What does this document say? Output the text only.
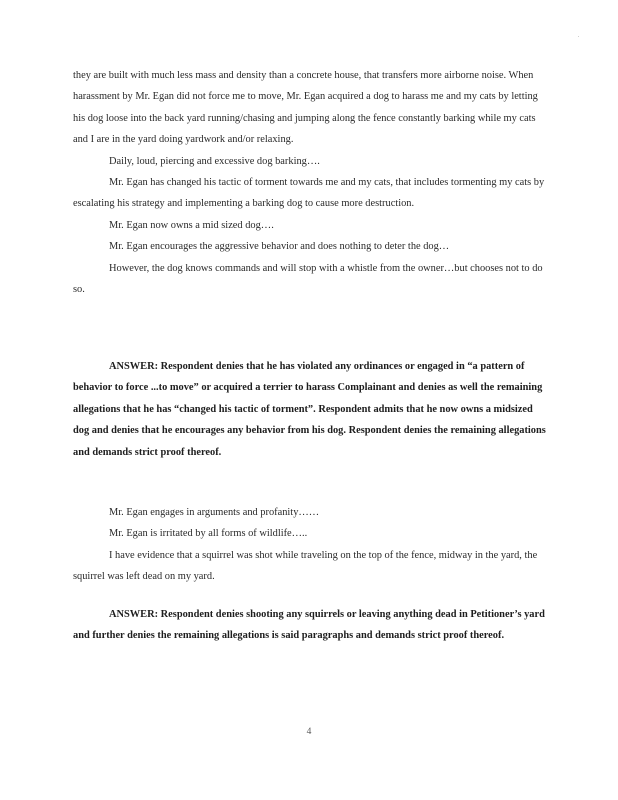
they are built with much less mass and density than a concrete house, that transfers more airborne noise. When harassment by Mr. Egan did not force me to move, Mr. Egan acquired a dog to harass me and my cats by letting his dog loose into the back yard running/chasing and jumping along the fence constantly barking while my cats and I are in the yard doing yardwork and/or relaxing.

Daily, loud, piercing and excessive dog barking….

Mr. Egan has changed his tactic of torment towards me and my cats, that includes tormenting my cats by escalating his strategy and implementing a barking dog to cause more destruction.

Mr. Egan now owns a mid sized dog….

Mr. Egan encourages the aggressive behavior and does nothing to deter the dog…

However, the dog knows commands and will stop with a whistle from the owner…but chooses not to do so.

ANSWER: Respondent denies that he has violated any ordinances or engaged in “a pattern of behavior to force ...to move” or acquired a terrier to harass Complainant and denies as well the remaining allegations that he has “changed his tactic of torment”. Respondent admits that he now owns a midsized dog and denies that he encourages any behavior from his dog. Respondent denies the remaining allegations and demands strict proof thereof.

Mr. Egan engages in arguments and profanity……

Mr. Egan is irritated by all forms of wildlife…..

I have evidence that a squirrel was shot while traveling on the top of the fence, midway in the yard, the squirrel was left dead on my yard.

ANSWER: Respondent denies shooting any squirrels or leaving anything dead in Petitioner’s yard and further denies the remaining allegations is said paragraphs and demands strict proof thereof.

4
